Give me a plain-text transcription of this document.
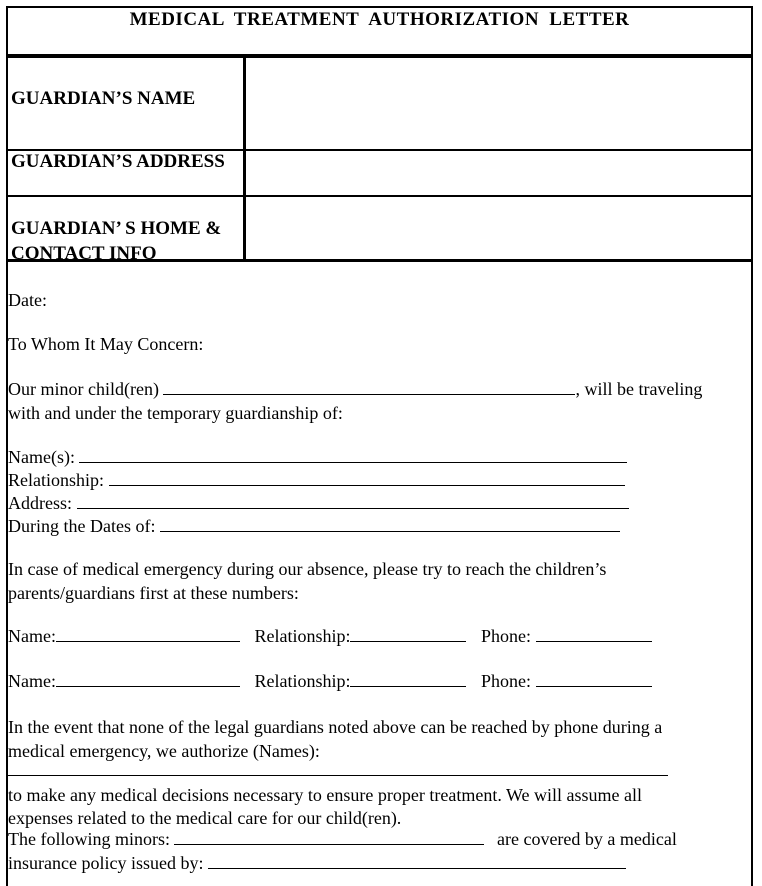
MEDICAL TREATMENT AUTHORIZATION LETTER
GUARDIAN’S NAME
GUARDIAN’S ADDRESS
GUARDIAN’ S HOME &
CONTACT INFO
Date:
To Whom It May Concern:
Our minor child(ren)	, will be traveling
with and under the temporary guardianship of:
Name(s):
Relationship:
Address:
During the Dates of:
In case of medical emergency during our absence, please try to reach the children’s
parents/guardians first at these numbers:
Name:	Relationship:	Phone:
Name:	Relationship:	Phone:
In the event that none of the legal guardians noted above can be reached by phone during a
medical emergency, we authorize (Names):
to make any medical decisions necessary to ensure proper treatment. We will assume all
expenses related to the medical care for our child(ren).
The following minors:	are covered by a medical
insurance policy issued by:
